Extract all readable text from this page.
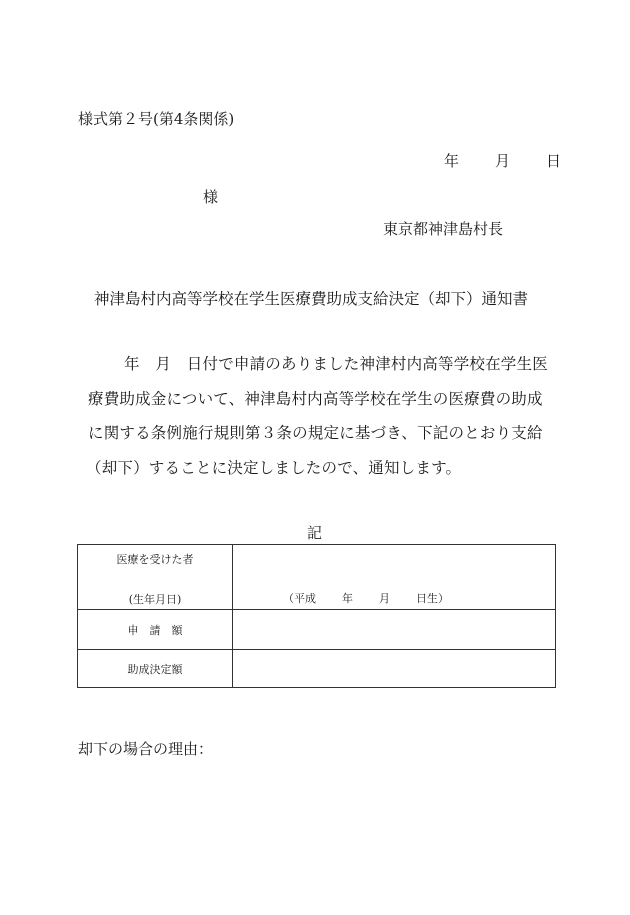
様式第２号(第4条関係)
年 月 日
様
東京都神津島村長
神津島村内高等学校在学生医療費助成支給決定（却下）通知書
年　月　日付で申請のありました神津村内高等学校在学生医
療費助成金について、神津島村内高等学校在学生の医療費の助成
に関する条例施行規則第３条の規定に基づき、下記のとおり支給
（却下）することに決定しましたので、通知します。
記
医療を受けた者
(生年月日)	（平成 年 月 日生）

申　請　額	
助成決定額	
却下の場合の理由：
